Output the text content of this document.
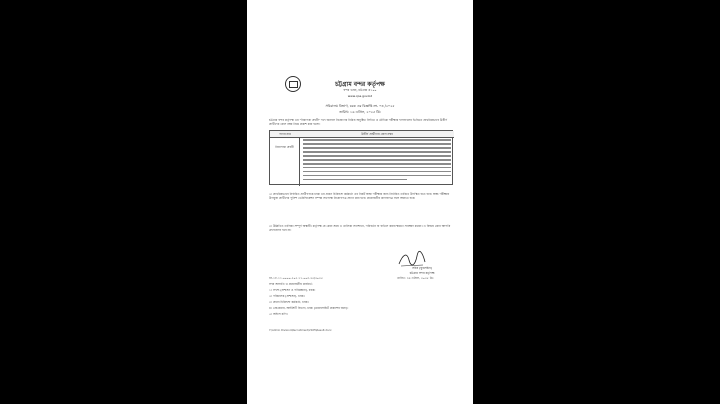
চট্টগ্রাম বন্দর কর্তৃপক্ষ
বন্দর ভবন, চট্টগ্রাম ৪১০০
www.cpa.gov.bd
সচিবালয় বিভাগ, চবক এর বিজ্ঞপ্তি নং- ০৩ /২০২৫
তারিখ: ১৬ এপ্রিল, ২০২৫ খ্রি:
চট্টগ্রাম বন্দর কর্তৃপক্ষ এর "নিরাপত্তা প্রহরী" পদে জনবল নিয়োগের নিমিত্ত অনুষ্ঠিত লিখিত ও মৌখিক পরীক্ষার ফলাফলের ভিত্তিতে প্রাথমিকভাবে উত্তীর্ণ প্রার্থীদের রোল নম্বর নিম্নে প্রকাশ করা হলো।
পদের নাম	উত্তীর্ণ প্রার্থীদের রোল নম্বর
নিরাপত্তা প্রহরী
২। প্রাথমিকভাবে নির্বাচিত প্রার্থীগণকে চবক এর প্রধান চিকিৎসা কর্মকর্তা এর নিকট স্বাস্থ্য পরীক্ষার জন্য নির্ধারিত তারিখে উপস্থিত হতে হবে। স্বাস্থ্য পরীক্ষায় উপযুক্ত প্রার্থীদের পুলিশ ভেরিফিকেশন সম্পন্ন সাপেক্ষে নিয়োগপত্র প্রদান করা হবে। প্রয়োজনীয় কাগজপত্র সঙ্গে আনতে হবে।
৩। উল্লিখিত তালিকা সম্পূর্ণ অস্থায়ী। কর্তৃপক্ষ যে কোন সময় এ তালিকা সংশোধন, পরিবর্তন বা বাতিল করার ক্ষমতা সংরক্ষণ করেন। এ বিষয়ে কোন আপত্তি গ্রহণযোগ্য হবে না।
সচিব (যুগ্মসচিব)
চট্টগ্রাম বন্দর কর্তৃপক্ষ
নং-১৮.১১.০০০০.২০১.১১.০০৩.২৫/২০২৫	তারিখ: ১৬ এপ্রিল, ২০২৫ খ্রি:
সদয় অবগতি ও প্রয়োজনীয় কার্যার্থে:
১। সদস্য (প্রশাসন ও পরিকল্পনা), চবক।
২। পরিচালক (প্রশাসন), চবক।
৩। প্রধান চিকিৎসা কর্মকর্তা, চবক।
৪। প্রোগ্রামার, আইসিটি বিভাগ, চবক (ওয়েবসাইটে প্রকাশের জন্য)।
৫। অফিস কপি।
Y:\Admin Division\Recruitment\2025\Result.docx
